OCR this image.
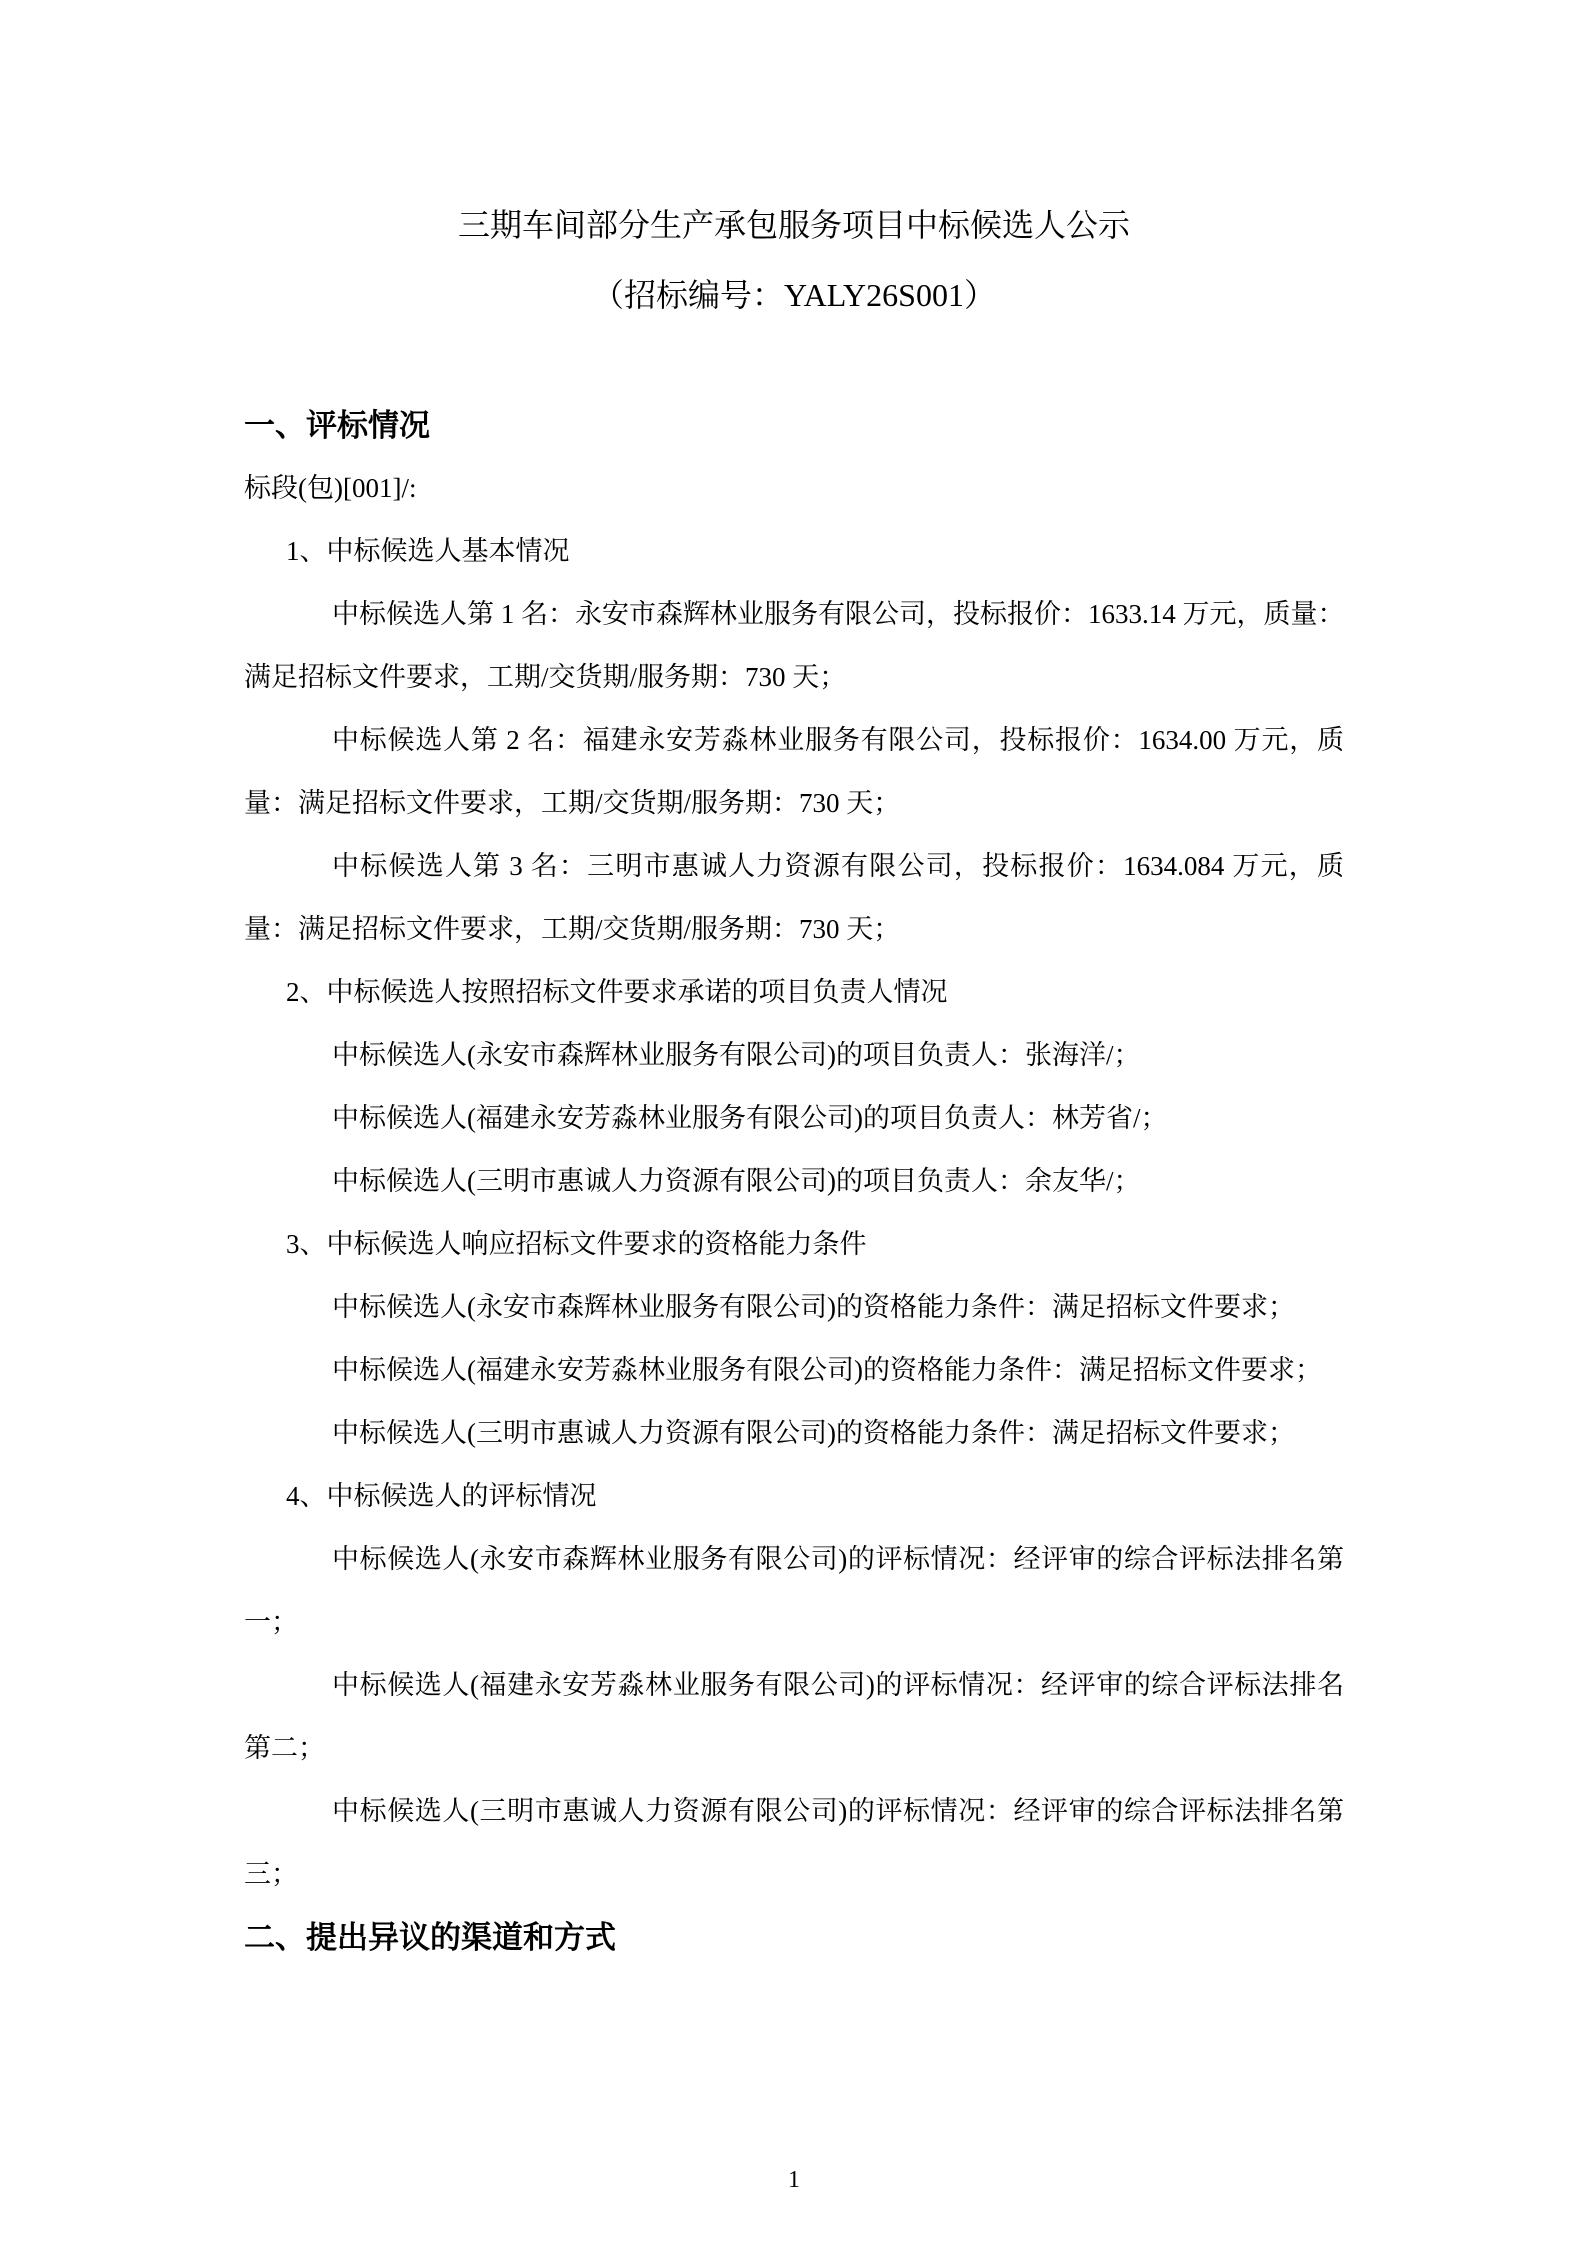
三期车间部分生产承包服务项目中标候选人公示
（招标编号：YALY26S001）
一、评标情况
标段(包)[001]/:
1、中标候选人基本情况
中标候选人第 1 名：永安市森辉林业服务有限公司，投标报价：1633.14 万元，质量：
满足招标文件要求，工期/交货期/服务期：730 天；
中标候选人第 2 名：福建永安芳淼林业服务有限公司，投标报价：1634.00 万元，质
量：满足招标文件要求，工期/交货期/服务期：730 天；
中标候选人第 3 名：三明市惠诚人力资源有限公司，投标报价：1634.084 万元，质
量：满足招标文件要求，工期/交货期/服务期：730 天；
2、中标候选人按照招标文件要求承诺的项目负责人情况
中标候选人(永安市森辉林业服务有限公司)的项目负责人：张海洋/；
中标候选人(福建永安芳淼林业服务有限公司)的项目负责人：林芳省/；
中标候选人(三明市惠诚人力资源有限公司)的项目负责人：余友华/；
3、中标候选人响应招标文件要求的资格能力条件
中标候选人(永安市森辉林业服务有限公司)的资格能力条件：满足招标文件要求；
中标候选人(福建永安芳淼林业服务有限公司)的资格能力条件：满足招标文件要求；
中标候选人(三明市惠诚人力资源有限公司)的资格能力条件：满足招标文件要求；
4、中标候选人的评标情况
中标候选人(永安市森辉林业服务有限公司)的评标情况：经评审的综合评标法排名第
一；
中标候选人(福建永安芳淼林业服务有限公司)的评标情况：经评审的综合评标法排名
第二；
中标候选人(三明市惠诚人力资源有限公司)的评标情况：经评审的综合评标法排名第
三；
二、提出异议的渠道和方式
1
